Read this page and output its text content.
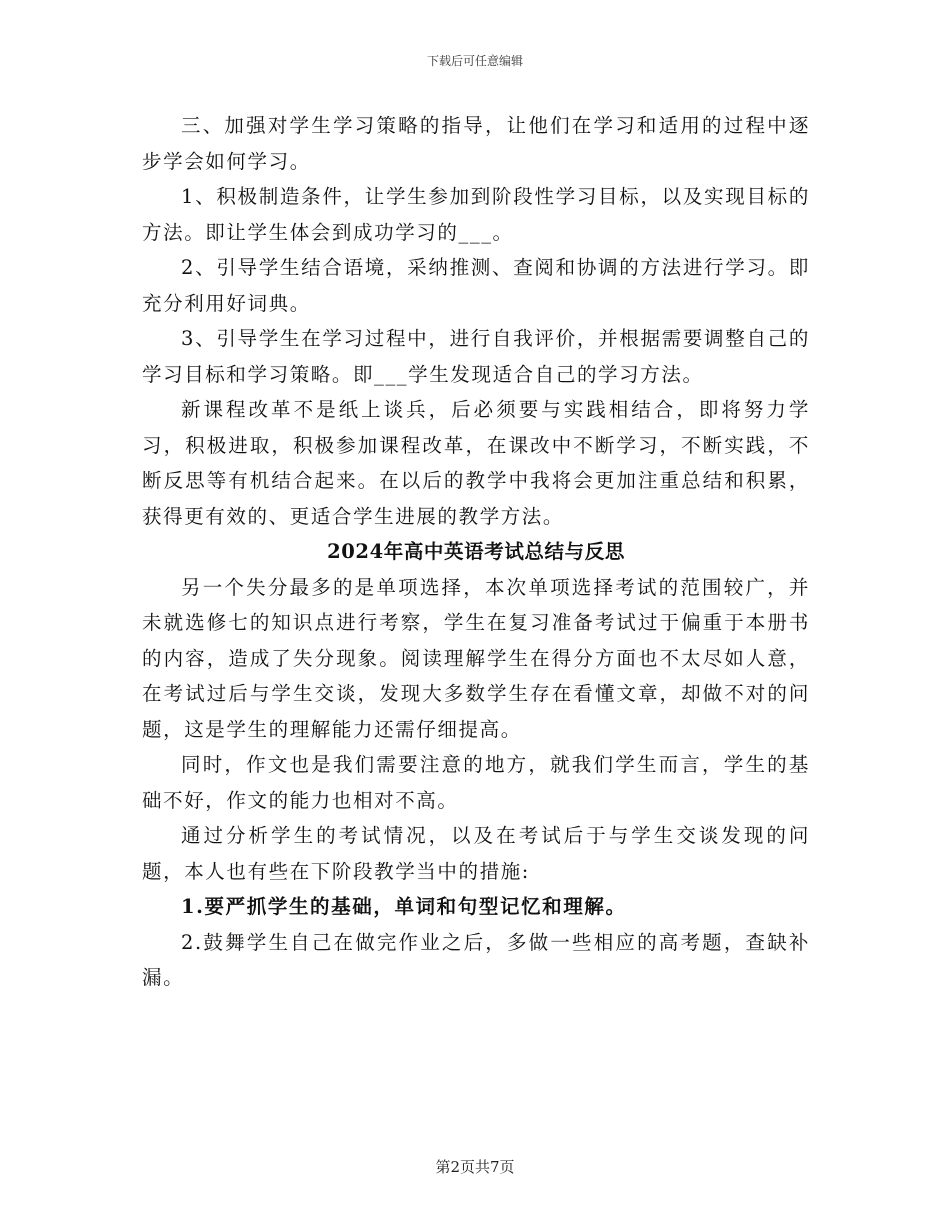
下载后可任意编辑

三、加强对学生学习策略的指导，让他们在学习和适用的过程中逐步学会如何学习。

1、积极制造条件，让学生参加到阶段性学习目标，以及实现目标的方法。即让学生体会到成功学习的___。

2、引导学生结合语境，采纳推测、查阅和协调的方法进行学习。即充分利用好词典。

3、引导学生在学习过程中，进行自我评价，并根据需要调整自己的学习目标和学习策略。即___学生发现适合自己的学习方法。

新课程改革不是纸上谈兵，后必须要与实践相结合，即将努力学习，积极进取，积极参加课程改革，在课改中不断学习，不断实践，不断反思等有机结合起来。在以后的教学中我将会更加注重总结和积累，获得更有效的、更适合学生进展的教学方法。

2024年高中英语考试总结与反思

另一个失分最多的是单项选择，本次单项选择考试的范围较广，并未就选修七的知识点进行考察，学生在复习准备考试过于偏重于本册书的内容，造成了失分现象。阅读理解学生在得分方面也不太尽如人意，在考试过后与学生交谈，发现大多数学生存在看懂文章，却做不对的问题，这是学生的理解能力还需仔细提高。

同时，作文也是我们需要注意的地方，就我们学生而言，学生的基础不好，作文的能力也相对不高。

通过分析学生的考试情况，以及在考试后于与学生交谈发现的问题，本人也有些在下阶段教学当中的措施:

1.要严抓学生的基础，单词和句型记忆和理解。

2.鼓舞学生自己在做完作业之后，多做一些相应的高考题，查缺补漏。

第2页共7页
